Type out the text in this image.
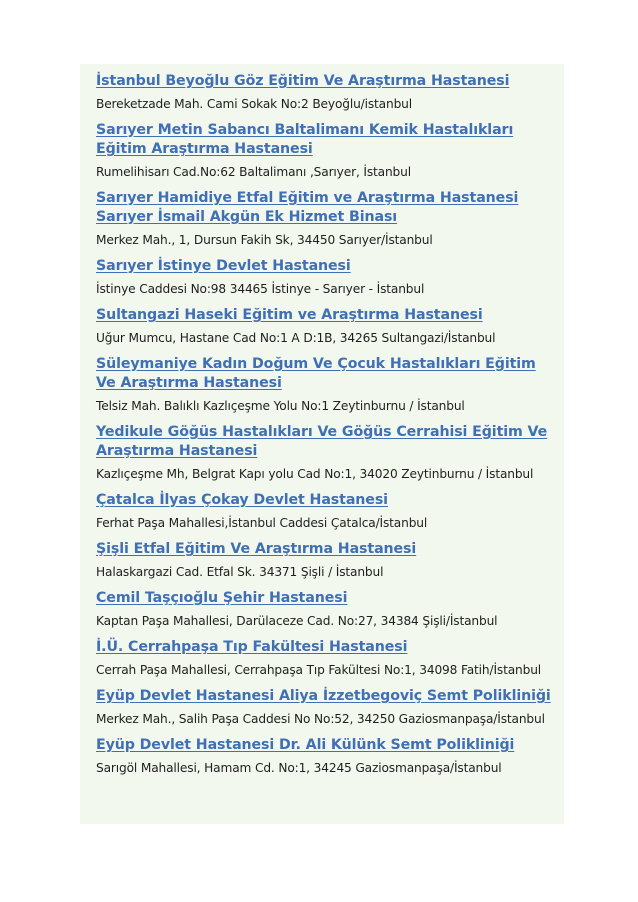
İstanbul Beyoğlu Göz Eğitim Ve Araştırma Hastanesi
Bereketzade Mah. Cami Sokak No:2 Beyoğlu/istanbul
Sarıyer Metin Sabancı Baltalimanı Kemik Hastalıkları Eğitim Araştırma Hastanesi
Rumelihisarı Cad.No:62 Baltalimanı ,Sarıyer, İstanbul
Sarıyer Hamidiye Etfal Eğitim ve Araştırma Hastanesi Sarıyer İsmail Akgün Ek Hizmet Binası
Merkez Mah., 1, Dursun Fakih Sk, 34450 Sarıyer/İstanbul
Sarıyer İstinye Devlet Hastanesi
İstinye Caddesi No:98 34465 İstinye - Sarıyer - İstanbul
Sultangazi Haseki Eğitim ve Araştırma Hastanesi
Uğur Mumcu, Hastane Cad No:1 A D:1B, 34265 Sultangazi/İstanbul
Süleymaniye Kadın Doğum Ve Çocuk Hastalıkları Eğitim Ve Araştırma Hastanesi
Telsiz Mah. Balıklı Kazlıçeşme Yolu No:1 Zeytinburnu / İstanbul
Yedikule Göğüs Hastalıkları Ve Göğüs Cerrahisi Eğitim Ve Araştırma Hastanesi
Kazlıçeşme Mh, Belgrat Kapı yolu Cad No:1, 34020 Zeytinburnu / İstanbul
Çatalca İlyas Çokay Devlet Hastanesi
Ferhat Paşa Mahallesi,İstanbul Caddesi Çatalca/İstanbul
Şişli Etfal Eğitim Ve Araştırma Hastanesi
Halaskargazi Cad. Etfal Sk. 34371 Şişli / İstanbul
Cemil Taşçıoğlu Şehir Hastanesi
Kaptan Paşa Mahallesi, Darülaceze Cad. No:27, 34384 Şişli/İstanbul
İ.Ü. Cerrahpaşa Tıp Fakültesi Hastanesi
Cerrah Paşa Mahallesi, Cerrahpaşa Tıp Fakültesi No:1, 34098 Fatih/İstanbul
Eyüp Devlet Hastanesi Aliya İzzetbegoviç Semt Polikliniği
Merkez Mah., Salih Paşa Caddesi No No:52, 34250 Gaziosmanpaşa/İstanbul
Eyüp Devlet Hastanesi Dr. Ali Külünk Semt Polikliniği
Sarıgöl Mahallesi, Hamam Cd. No:1, 34245 Gaziosmanpaşa/İstanbul
